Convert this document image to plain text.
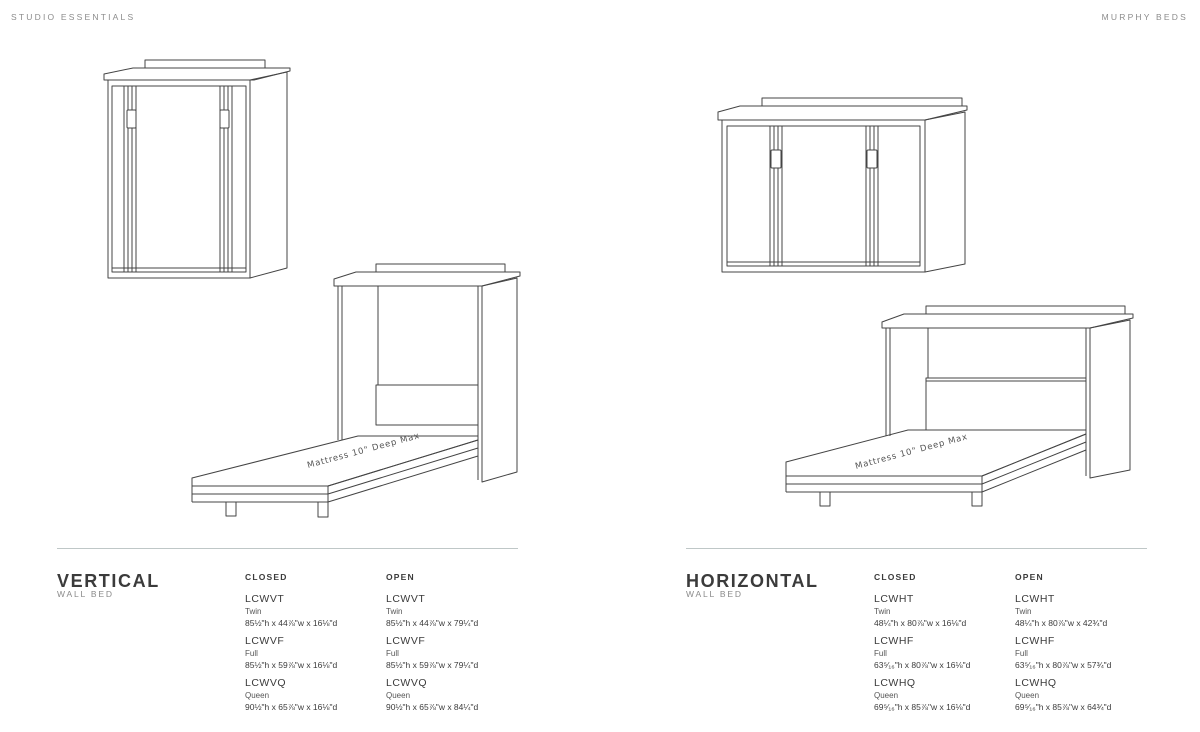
STUDIO ESSENTIALS	MURPHY BEDS
Mattress 10" Deep Max	Mattress 10" Deep Max
VERTICAL
WALL BED
CLOSED
LCWVT
Twin
85½"h x 44⅞"w x 16⅛"d
LCWVF
Full
85½"h x 59⅞"w x 16⅛"d
LCWVQ
Queen
90½"h x 65⅞"w x 16⅛"d
OPEN
LCWVT
Twin
85½"h x 44⅞"w x 79¼"d
LCWVF
Full
85½"h x 59⅞"w x 79¼"d
LCWVQ
Queen
90½"h x 65⅞"w x 84¼"d
HORIZONTAL
WALL BED
CLOSED
LCWHT
Twin
48¼"h x 80⅞"w x 16⅛"d
LCWHF
Full
63⁵⁄₁₆"h x 80⅞"w x 16⅛"d
LCWHQ
Queen
69⁵⁄₁₆"h x 85⅞"w x 16⅛"d
OPEN
LCWHT
Twin
48¼"h x 80⅞"w x 42¾"d
LCWHF
Full
63⁵⁄₁₆"h x 80⅞"w x 57¾"d
LCWHQ
Queen
69⁵⁄₁₆"h x 85⅞"w x 64¾"d
